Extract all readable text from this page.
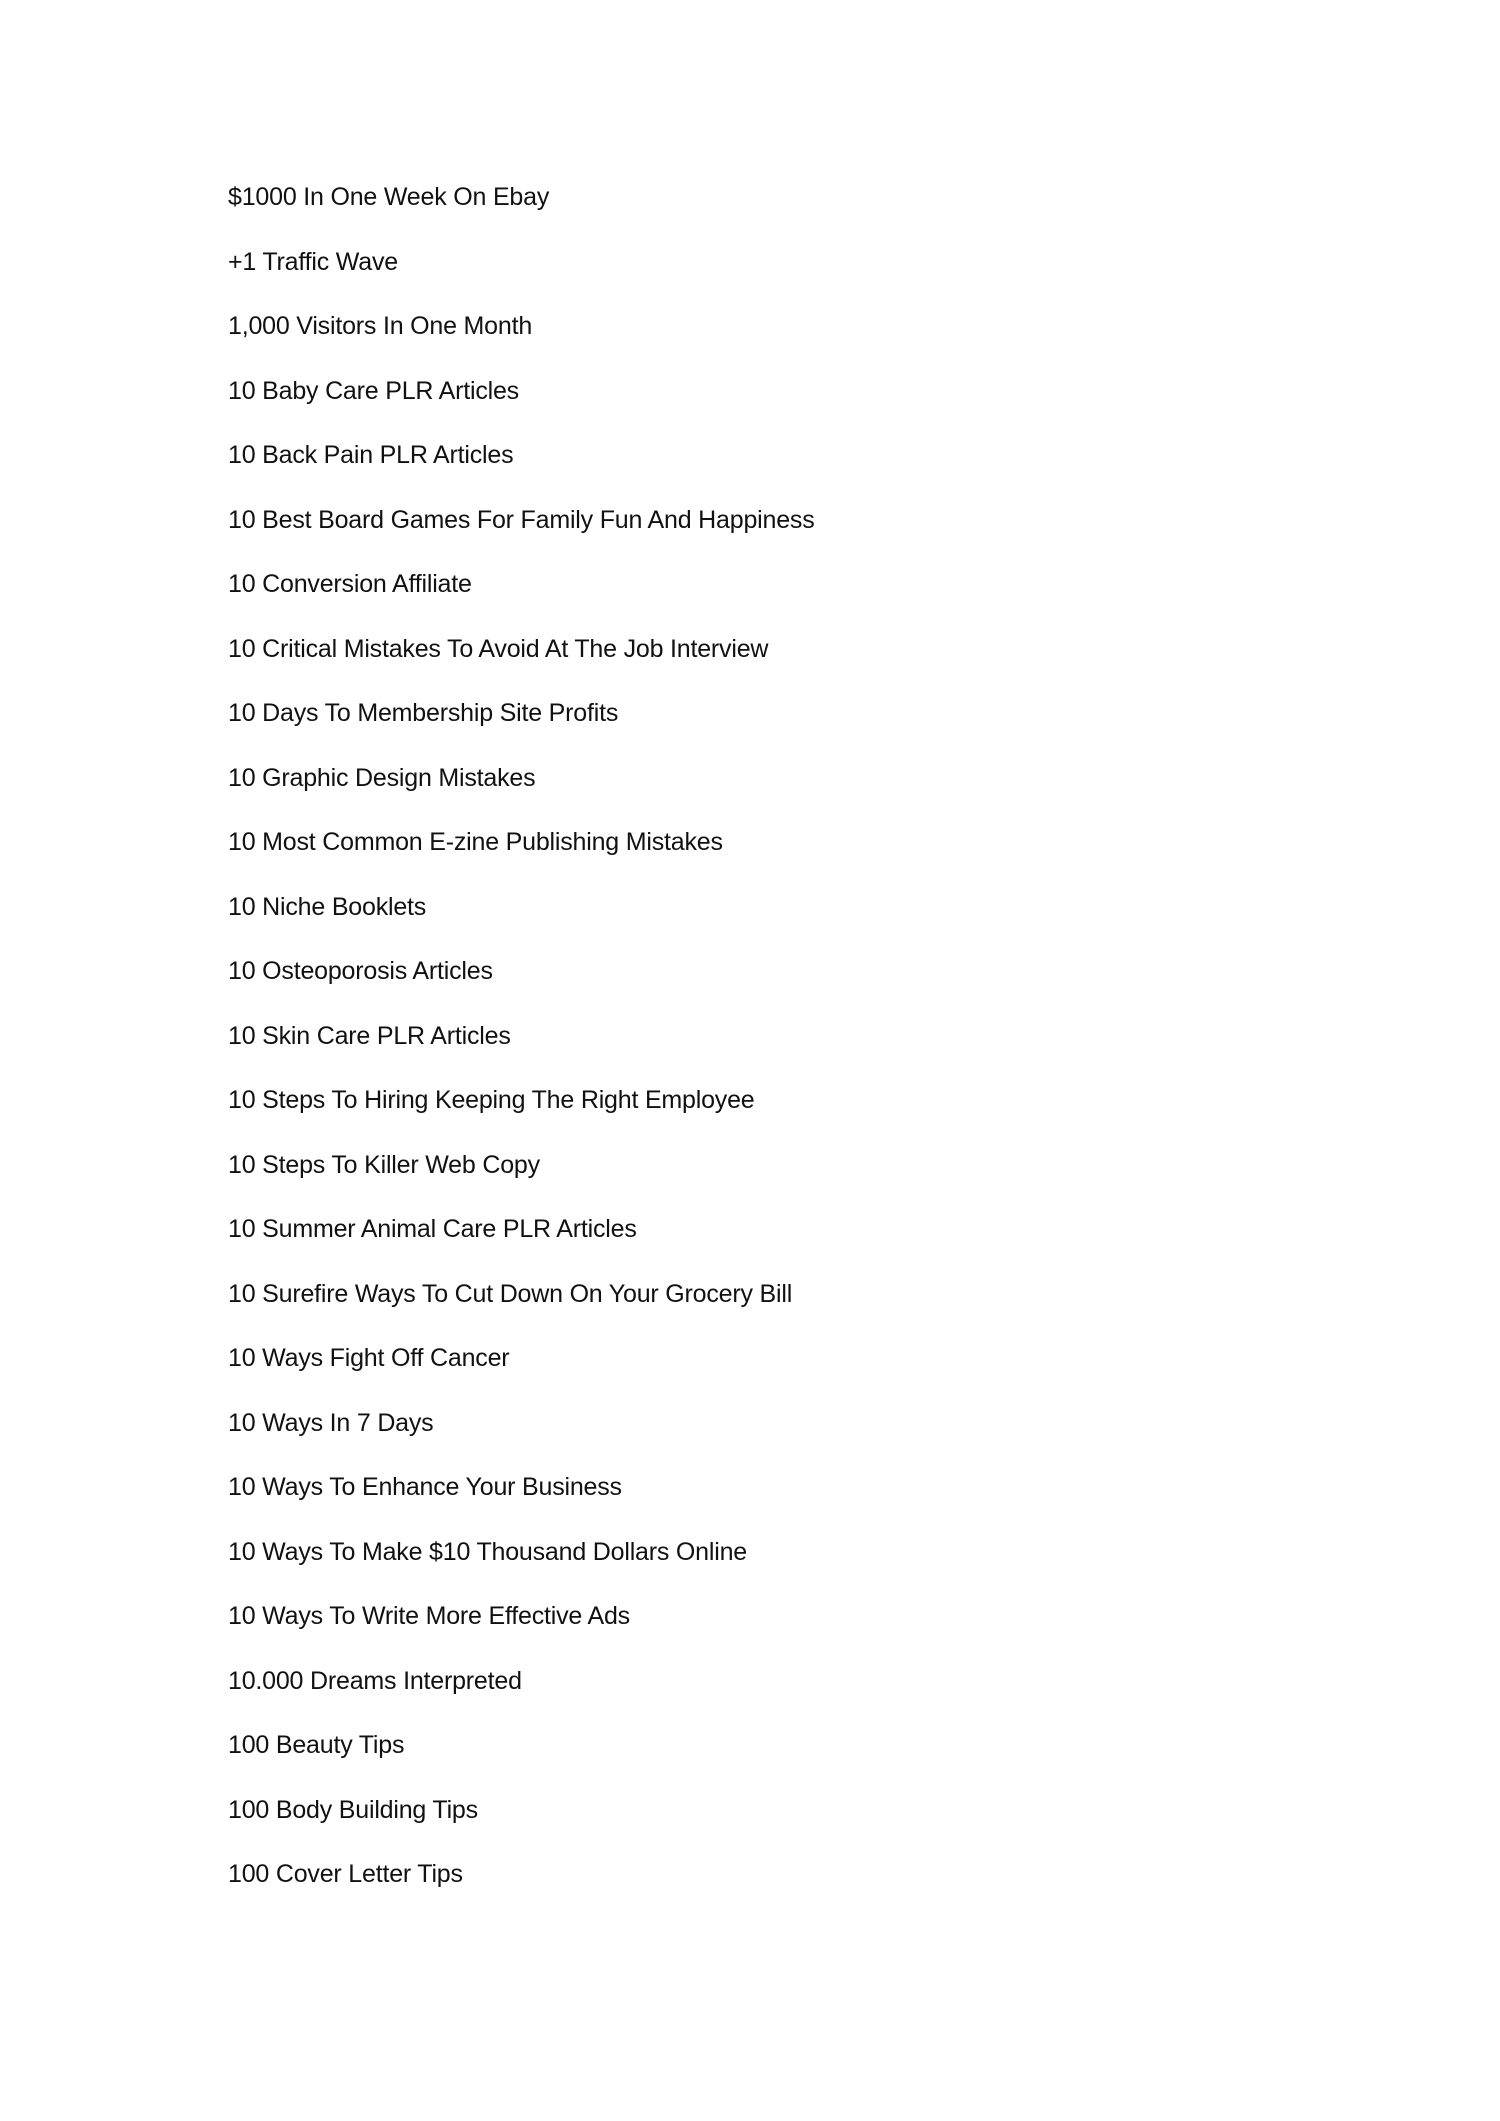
$1000 In One Week On Ebay
+1 Traffic Wave
1,000 Visitors In One Month
10 Baby Care PLR Articles
10 Back Pain PLR Articles
10 Best Board Games For Family Fun And Happiness
10 Conversion Affiliate
10 Critical Mistakes To Avoid At The Job Interview
10 Days To Membership Site Profits
10 Graphic Design Mistakes
10 Most Common E-zine Publishing Mistakes
10 Niche Booklets
10 Osteoporosis Articles
10 Skin Care PLR Articles
10 Steps To Hiring Keeping The Right Employee
10 Steps To Killer Web Copy
10 Summer Animal Care PLR Articles
10 Surefire Ways To Cut Down On Your Grocery Bill
10 Ways Fight Off Cancer
10 Ways In 7 Days
10 Ways To Enhance Your Business
10 Ways To Make $10 Thousand Dollars Online
10 Ways To Write More Effective Ads
10.000 Dreams Interpreted
100 Beauty Tips
100 Body Building Tips
100 Cover Letter Tips
